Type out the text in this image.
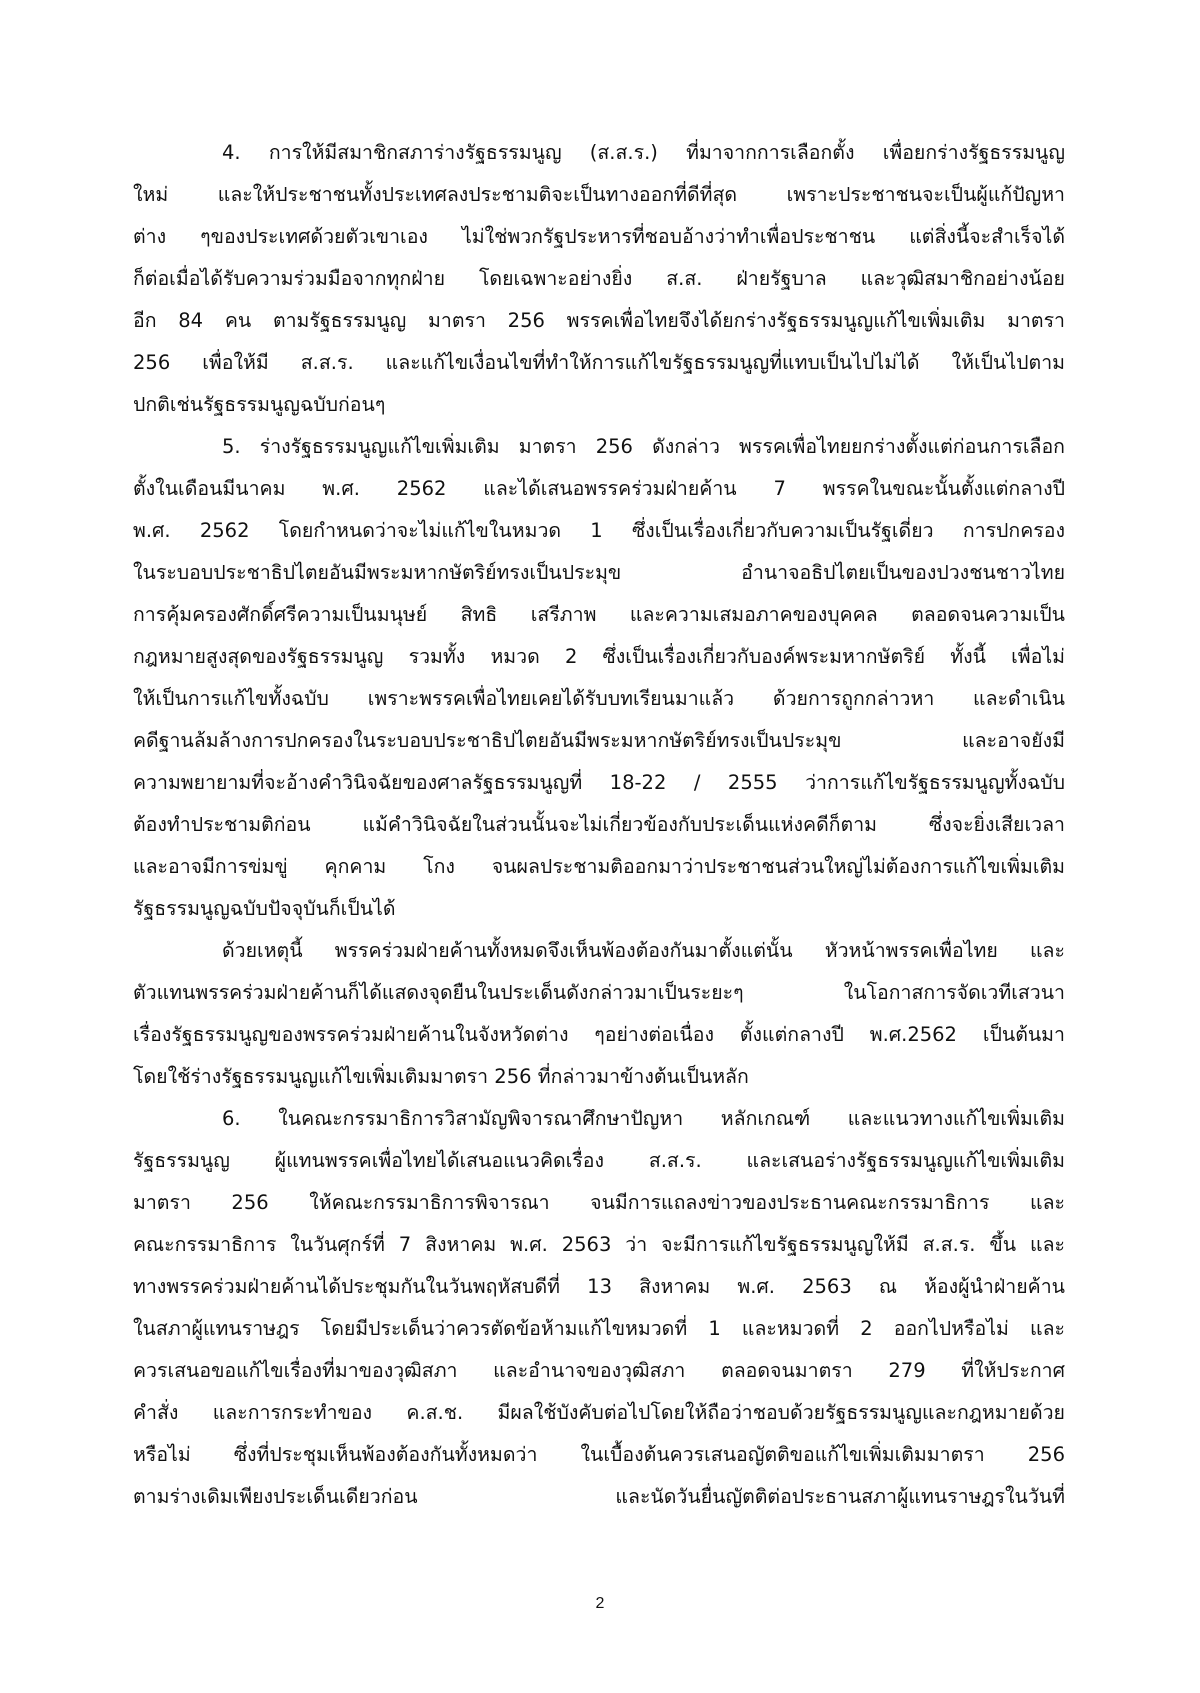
4. การให้มีสมาชิกสภาร่างรัฐธรรมนูญ (ส.ส.ร.) ที่มาจากการเลือกตั้ง เพื่อยกร่างรัฐธรรมนูญ
ใหม่ และให้ประชาชนทั้งประเทศลงประชามติจะเป็นทางออกที่ดีที่สุด เพราะประชาชนจะเป็นผู้แก้ปัญหา
ต่าง ๆของประเทศด้วยตัวเขาเอง ไม่ใช่พวกรัฐประหารที่ชอบอ้างว่าทำเพื่อประชาชน แต่สิ่งนี้จะสำเร็จได้
ก็ต่อเมื่อได้รับความร่วมมือจากทุกฝ่าย โดยเฉพาะอย่างยิ่ง ส.ส. ฝ่ายรัฐบาล และวุฒิสมาชิกอย่างน้อย
อีก 84 คน ตามรัฐธรรมนูญ มาตรา 256 พรรคเพื่อไทยจึงได้ยกร่างรัฐธรรมนูญแก้ไขเพิ่มเติม มาตรา
256 เพื่อให้มี ส.ส.ร. และแก้ไขเงื่อนไขที่ทำให้การแก้ไขรัฐธรรมนูญที่แทบเป็นไปไม่ได้ ให้เป็นไปตาม
ปกติเช่นรัฐธรรมนูญฉบับก่อนๆ
5. ร่างรัฐธรรมนูญแก้ไขเพิ่มเติม มาตรา 256 ดังกล่าว พรรคเพื่อไทยยกร่างตั้งแต่ก่อนการเลือก
ตั้งในเดือนมีนาคม พ.ศ. 2562 และได้เสนอพรรคร่วมฝ่ายค้าน 7 พรรคในขณะนั้นตั้งแต่กลางปี
พ.ศ. 2562 โดยกำหนดว่าจะไม่แก้ไขในหมวด 1 ซึ่งเป็นเรื่องเกี่ยวกับความเป็นรัฐเดี่ยว การปกครอง
ในระบอบประชาธิปไตยอันมีพระมหากษัตริย์ทรงเป็นประมุข อำนาจอธิปไตยเป็นของปวงชนชาวไทย
การคุ้มครองศักดิ์ศรีความเป็นมนุษย์ สิทธิ เสรีภาพ และความเสมอภาคของบุคคล ตลอดจนความเป็น
กฎหมายสูงสุดของรัฐธรรมนูญ รวมทั้ง หมวด 2 ซึ่งเป็นเรื่องเกี่ยวกับองค์พระมหากษัตริย์ ทั้งนี้ เพื่อไม่
ให้เป็นการแก้ไขทั้งฉบับ เพราะพรรคเพื่อไทยเคยได้รับบทเรียนมาแล้ว ด้วยการถูกกล่าวหา และดำเนิน
คดีฐานล้มล้างการปกครองในระบอบประชาธิปไตยอันมีพระมหากษัตริย์ทรงเป็นประมุข และอาจยังมี
ความพยายามที่จะอ้างคำวินิจฉัยของศาลรัฐธรรมนูญที่ 18-22 / 2555 ว่าการแก้ไขรัฐธรรมนูญทั้งฉบับ
ต้องทำประชามติก่อน แม้คำวินิจฉัยในส่วนนั้นจะไม่เกี่ยวข้องกับประเด็นแห่งคดีก็ตาม ซึ่งจะยิ่งเสียเวลา
และอาจมีการข่มขู่ คุกคาม โกง จนผลประชามติออกมาว่าประชาชนส่วนใหญ่ไม่ต้องการแก้ไขเพิ่มเติม
รัฐธรรมนูญฉบับปัจจุบันก็เป็นได้
ด้วยเหตุนี้ พรรคร่วมฝ่ายค้านทั้งหมดจึงเห็นพ้องต้องกันมาตั้งแต่นั้น หัวหน้าพรรคเพื่อไทย และ
ตัวแทนพรรคร่วมฝ่ายค้านก็ได้แสดงจุดยืนในประเด็นดังกล่าวมาเป็นระยะๆ ในโอกาสการจัดเวทีเสวนา
เรื่องรัฐธรรมนูญของพรรคร่วมฝ่ายค้านในจังหวัดต่าง ๆอย่างต่อเนื่อง ตั้งแต่กลางปี พ.ศ.2562 เป็นต้นมา
โดยใช้ร่างรัฐธรรมนูญแก้ไขเพิ่มเติมมาตรา 256 ที่กล่าวมาข้างต้นเป็นหลัก
6. ในคณะกรรมาธิการวิสามัญพิจารณาศึกษาปัญหา หลักเกณฑ์ และแนวทางแก้ไขเพิ่มเติม
รัฐธรรมนูญ ผู้แทนพรรคเพื่อไทยได้เสนอแนวคิดเรื่อง ส.ส.ร. และเสนอร่างรัฐธรรมนูญแก้ไขเพิ่มเติม
มาตรา 256 ให้คณะกรรมาธิการพิจารณา จนมีการแถลงข่าวของประธานคณะกรรมาธิการ และ
คณะกรรมาธิการ ในวันศุกร์ที่ 7 สิงหาคม พ.ศ. 2563 ว่า จะมีการแก้ไขรัฐธรรมนูญให้มี ส.ส.ร. ขึ้น และ
ทางพรรคร่วมฝ่ายค้านได้ประชุมกันในวันพฤหัสบดีที่ 13 สิงหาคม พ.ศ. 2563 ณ ห้องผู้นำฝ่ายค้าน
ในสภาผู้แทนราษฎร โดยมีประเด็นว่าควรตัดข้อห้ามแก้ไขหมวดที่ 1 และหมวดที่ 2 ออกไปหรือไม่ และ
ควรเสนอขอแก้ไขเรื่องที่มาของวุฒิสภา และอำนาจของวุฒิสภา ตลอดจนมาตรา 279 ที่ให้ประกาศ
คำสั่ง และการกระทำของ ค.ส.ช. มีผลใช้บังคับต่อไปโดยให้ถือว่าชอบด้วยรัฐธรรมนูญและกฎหมายด้วย
หรือไม่ ซึ่งที่ประชุมเห็นพ้องต้องกันทั้งหมดว่า ในเบื้องต้นควรเสนอญัตติขอแก้ไขเพิ่มเติมมาตรา 256
ตามร่างเดิมเพียงประเด็นเดียวก่อน และนัดวันยื่นญัตติต่อประธานสภาผู้แทนราษฎรในวันที่
2
